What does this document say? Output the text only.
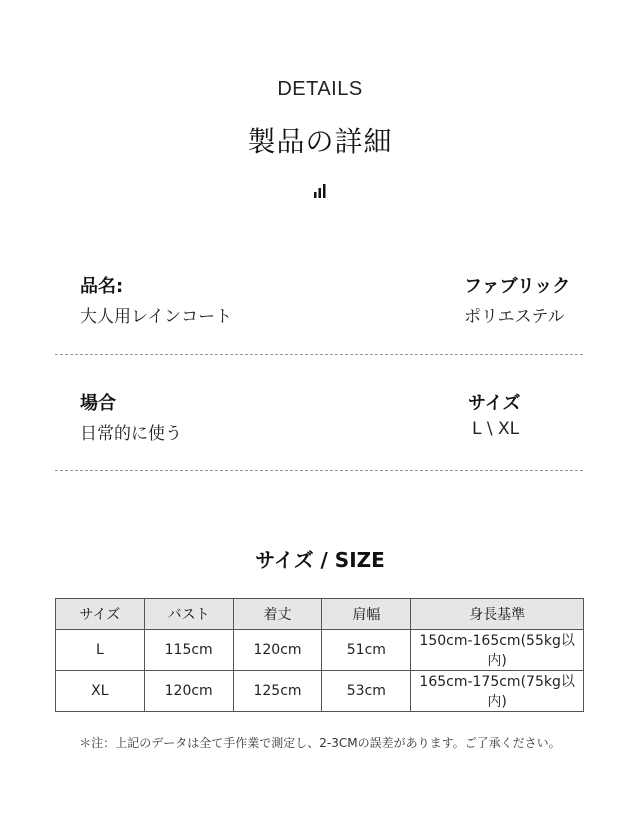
DETAILS
製品の詳細
品名:
大人用レインコート
ファブリック
ポリエステル
場合
日常的に使う
サイズ
L \ XL
サイズ / SIZE
サイズ	バスト	着丈	肩幅	身長基準
L	115cm	120cm	51cm	150cm-165cm(55kg以内)
XL	120cm	125cm	53cm	165cm-175cm(75kg以内)
＊注：上記のデータは全て手作業で測定し、2-3CMの誤差があります。ご了承ください。
